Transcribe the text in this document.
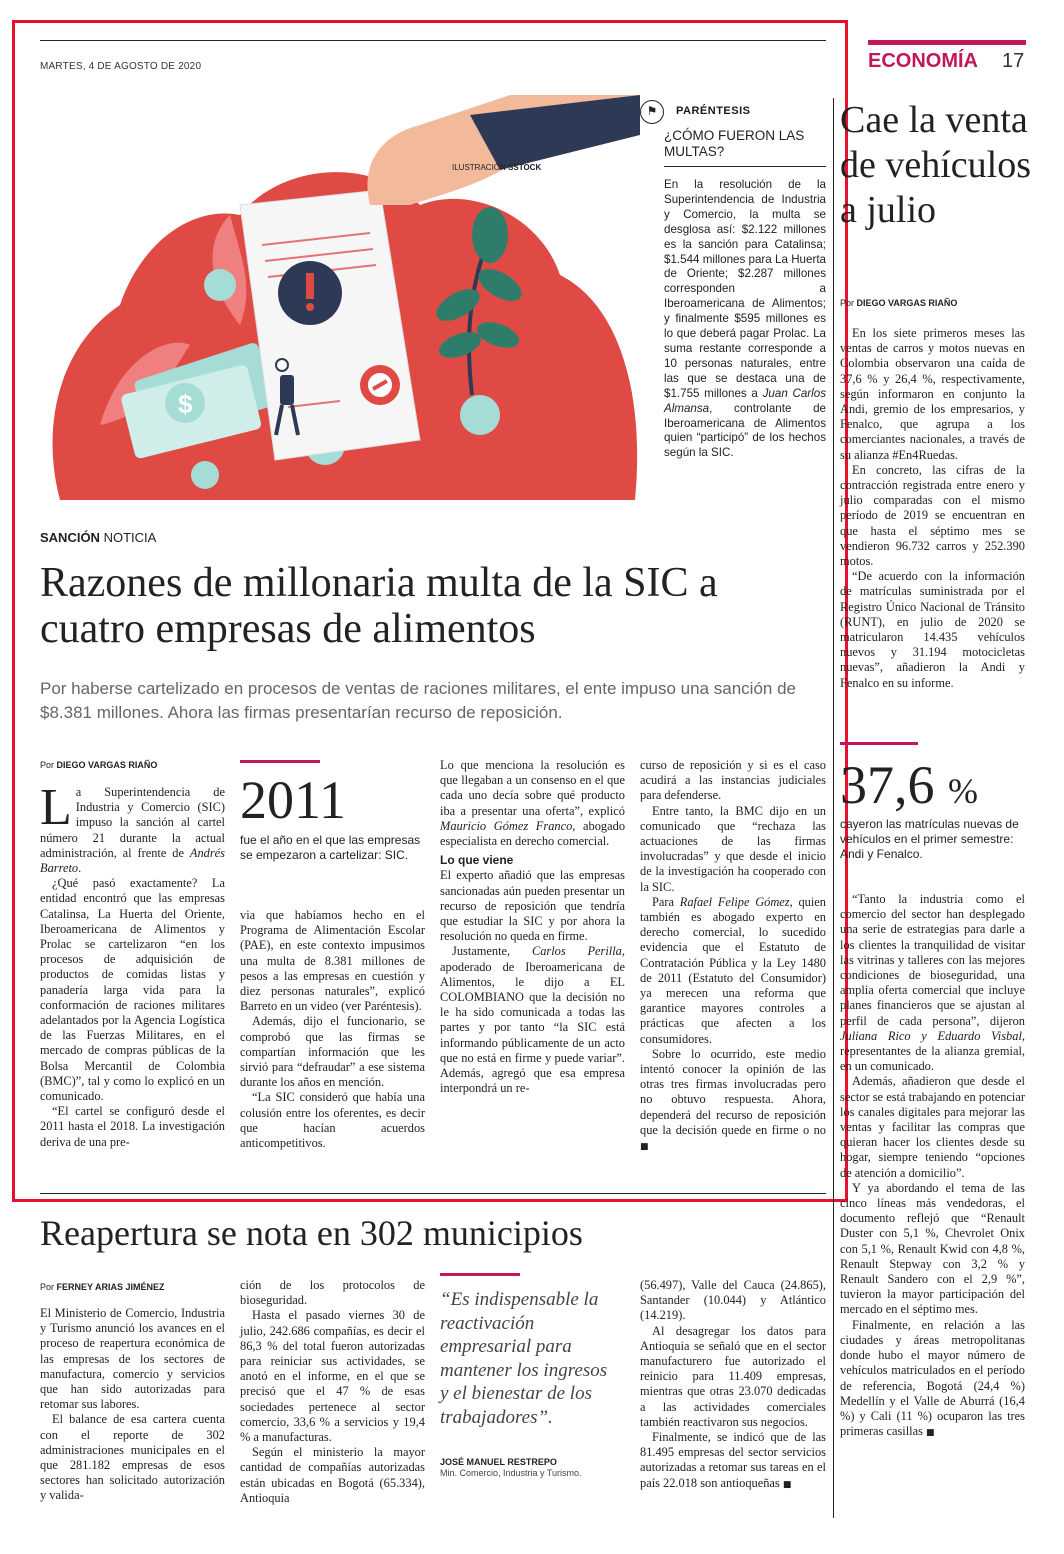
MARTES, 4 DE AGOSTO DE 2020	ECONOMÍA 17
$
ILUSTRACIÓN SSTOCK
⚑	PARÉNTESIS
¿CÓMO FUERON LAS MULTAS?
En la resolución de la Superintendencia de Industria y Comercio, la multa se desglosa así: $2.122 millones es la sanción para Catalinsa; $1.544 millones para La Huerta de Oriente; $2.287 millones corresponden a Iberoamericana de Alimentos; y finalmente $595 millones es lo que deberá pagar Prolac. La suma restante corresponde a 10 personas naturales, entre las que se destaca una de $1.755 millones a Juan Carlos Almansa, controlante de Iberoamericana de Alimentos quien “participó” de los hechos según la SIC.
SANCIÓN NOTICIA
Razones de millonaria multa de la SIC a cuatro empresas de alimentos
Por haberse cartelizado en procesos de ventas de raciones militares, el ente impuso una sanción de $8.381 millones. Ahora las firmas presentarían recurso de reposición.
Por DIEGO VARGAS RIAÑO

La Superintendencia de Industria y Comercio (SIC) impuso la sanción al cartel número 21 durante la actual administración, al frente de Andrés Barreto.

¿Qué pasó exactamente? La entidad encontró que las empresas Catalinsa, La Huerta del Oriente, Iberoamericana de Alimentos y Prolac se cartelizaron “en los procesos de adquisición de productos de comidas listas y panadería larga vida para la conformación de raciones militares adelantados por la Agencia Logística de las Fuerzas Militares, en el mercado de compras públicas de la Bolsa Mercantil de Colombia (BMC)”, tal y como lo explicó en un comunicado.

“El cartel se configuró desde el 2011 hasta el 2018. La investigación deriva de una pre-

2011
fue el año en el que las empresas se empezaron a cartelizar: SIC.

via que habíamos hecho en el Programa de Alimentación Escolar (PAE), en este contexto impusimos una multa de 8.381 millones de pesos a las empresas en cuestión y diez personas naturales”, explicó Barreto en un video (ver Paréntesis).

Además, dijo el funcionario, se comprobó que las firmas se compartían información que les sirvió para “defraudar” a ese sistema durante los años en mención.

“La SIC consideró que había una colusión entre los oferentes, es decir que hacían acuerdos anticompetitivos.

Lo que menciona la resolución es que llegaban a un consenso en el que cada uno decía sobre qué producto iba a presentar una oferta”, explicó Mauricio Gómez Franco, abogado especialista en derecho comercial.

Lo que viene

El experto añadió que las empresas sancionadas aún pueden presentar un recurso de reposición que tendría que estudiar la SIC y por ahora la resolución no queda en firme.

Justamente, Carlos Perilla, apoderado de Iberoamericana de Alimentos, le dijo a EL COLOMBIANO que la decisión no le ha sido comunicada a todas las partes y por tanto “la SIC está informando públicamente de un acto que no está en firme y puede variar”. Además, agregó que esa empresa interpondrá un re-

curso de reposición y si es el caso acudirá a las instancias judiciales para defenderse.

Entre tanto, la BMC dijo en un comunicado que “rechaza las actuaciones de las firmas involucradas” y que desde el inicio de la investigación ha cooperado con la SIC.

Para Rafael Felipe Gómez, quien también es abogado experto en derecho comercial, lo sucedido evidencia que el Estatuto de Contratación Pública y la Ley 1480 de 2011 (Estatuto del Consumidor) ya merecen una reforma que garantice mayores controles a prácticas que afecten a los consumidores.

Sobre lo ocurrido, este medio intentó conocer la opinión de las otras tres firmas involucradas pero no obtuvo respuesta. Ahora, dependerá del recurso de reposición que la decisión quede en firme o no ■

Cae la venta de vehículos a julio
Por DIEGO VARGAS RIAÑO

En los siete primeros meses las ventas de carros y motos nuevas en Colombia observaron una caída de 37,6 % y 26,4 %, respectivamente, según informaron en conjunto la Andi, gremio de los empresarios, y Fenalco, que agrupa a los comerciantes nacionales, a través de su alianza #En4Ruedas.

En concreto, las cifras de la contracción registrada entre enero y julio comparadas con el mismo período de 2019 se encuentran en que hasta el séptimo mes se vendieron 96.732 carros y 252.390 motos.

“De acuerdo con la información de matrículas suministrada por el Registro Único Nacional de Tránsito (RUNT), en julio de 2020 se matricularon 14.435 vehículos nuevos y 31.194 motocicletas nuevas”, añadieron la Andi y Fenalco en su informe.

37,6 %
cayeron las matrículas nuevas de vehículos en el primer semestre: Andi y Fenalco.

“Tanto la industria como el comercio del sector han desplegado una serie de estrategias para darle a los clientes la tranquilidad de visitar las vitrinas y talleres con las mejores condiciones de bioseguridad, una amplia oferta comercial que incluye planes financieros que se ajustan al perfil de cada persona”, dijeron Juliana Rico y Eduardo Visbal, representantes de la alianza gremial, en un comunicado.

Además, añadieron que desde el sector se está trabajando en potenciar los canales digitales para mejorar las ventas y facilitar las compras que quieran hacer los clientes desde su hogar, siempre teniendo “opciones de atención a domicilio”.

Y ya abordando el tema de las cinco líneas más vendedoras, el documento reflejó que “Renault Duster con 5,1 %, Chevrolet Onix con 5,1 %, Renault Kwid con 4,8 %, Renault Stepway con 3,2 % y Renault Sandero con el 2,9 %”, tuvieron la mayor participación del mercado en el séptimo mes.

Finalmente, en relación a las ciudades y áreas metropolitanas donde hubo el mayor número de vehículos matriculados en el período de referencia, Bogotá (24,4 %) Medellín y el Valle de Aburrá (16,4 %) y Cali (11 %) ocuparon las tres primeras casillas ■

Reapertura se nota en 302 municipios
Por FERNEY ARIAS JIMÉNEZ

El Ministerio de Comercio, Industria y Turismo anunció los avances en el proceso de reapertura económica de las empresas de los sectores de manufactura, comercio y servicios que han sido autorizadas para retomar sus labores.

El balance de esa cartera cuenta con el reporte de 302 administraciones municipales en el que 281.182 empresas de esos sectores han solicitado autorización y valida-

ción de los protocolos de bioseguridad.

Hasta el pasado viernes 30 de julio, 242.686 compañías, es decir el 86,3 % del total fueron autorizadas para reiniciar sus actividades, se anotó en el informe, en el que se precisó que el 47 % de esas sociedades pertenece al sector comercio, 33,6 % a servicios y 19,4 % a manufacturas.

Según el ministerio la mayor cantidad de compañías autorizadas están ubicadas en Bogotá (65.334), Antioquia

“Es indispensable la reactivación empresarial para mantener los ingresos y el bienestar de los trabajadores”.
JOSÉ MANUEL RESTREPO
Min. Comercio, Industria y Turismo.

(56.497), Valle del Cauca (24.865), Santander (10.044) y Atlántico (14.219).

Al desagregar los datos para Antioquia se señaló que en el sector manufacturero fue autorizado el reinicio para 11.409 empresas, mientras que otras 23.070 dedicadas a las actividades comerciales también reactivaron sus negocios.

Finalmente, se indicó que de las 81.495 empresas del sector servicios autorizadas a retomar sus tareas en el país 22.018 son antioqueñas ■
